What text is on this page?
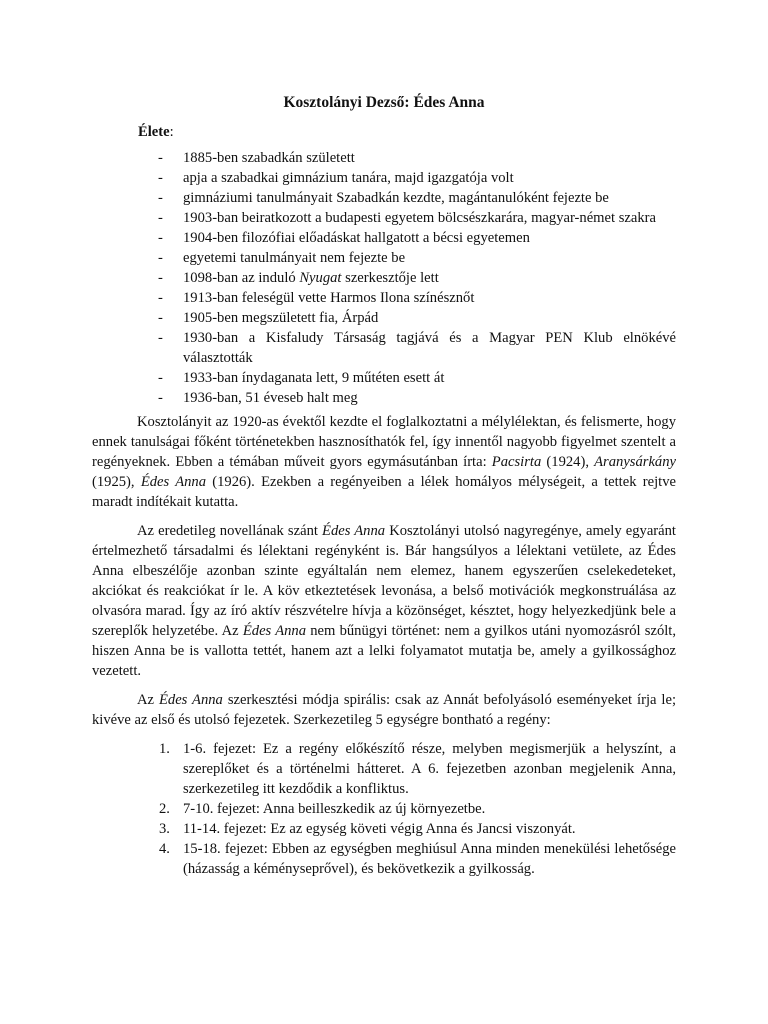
Kosztolányi Dezső: Édes Anna
Élete:
- 1885-ben szabadkán született
- apja a szabadkai gimnázium tanára, majd igazgatója volt
- gimnáziumi tanulmányait Szabadkán kezdte, magántanulóként fejezte be
- 1903-ban beiratkozott a budapesti egyetem bölcsészkarára, magyar-német szakra
- 1904-ben filozófiai előadáskat hallgatott a bécsi egyetemen
- egyetemi tanulmányait nem fejezte be
- 1098-ban az induló Nyugat szerkesztője lett
- 1913-ban feleségül vette Harmos Ilona színésznőt
- 1905-ben megszületett fia, Árpád
- 1930-ban a Kisfaludy Társaság tagjává és a Magyar PEN Klub elnökévé választották
- 1933-ban ínydaganata lett, 9 műtéten esett át
- 1936-ban, 51 éveseb halt meg

Kosztolányit az 1920-as évektől kezdte el foglalkoztatni a mélylélektan, és felismerte, hogy ennek tanulságai főként történetekben hasznosíthatók fel, így innentől nagyobb figyelmet szentelt a regényeknek. Ebben a témában műveit gyors egymásutánban írta: Pacsirta (1924), Aranysárkány (1925), Édes Anna (1926). Ezekben a regényeiben a lélek homályos mélységeit, a tettek rejtve maradt indítékait kutatta.

Az eredetileg novellának szánt Édes Anna Kosztolányi utolsó nagyregénye, amely egyaránt értelmezhető társadalmi és lélektani regényként is. Bár hangsúlyos a lélektani vetülete, az Édes Anna elbeszélője azonban szinte egyáltalán nem elemez, hanem egyszerűen cselekedeteket, akciókat és reakciókat ír le. A köv etkeztetések levonása, a belső motivációk megkonstruálása az olvasóra marad. Így az író aktív részvételre hívja a közönséget, késztet, hogy helyezkedjünk bele a szereplők helyzetébe. Az Édes Anna nem bűnügyi történet: nem a gyilkos utáni nyomozásról szólt, hiszen Anna be is vallotta tettét, hanem azt a lelki folyamatot mutatja be, amely a gyilkossághoz vezetett.

Az Édes Anna szerkesztési módja spirális: csak az Annát befolyásoló eseményeket írja le; kivéve az első és utolsó fejezetek. Szerkezetileg 5 egységre bontható a regény:

1. 1-6. fejezet: Ez a regény előkészítő része, melyben megismerjük a helyszínt, a szereplőket és a történelmi hátteret. A 6. fejezetben azonban megjelenik Anna, szerkezetileg itt kezdődik a konfliktus.
2. 7-10. fejezet: Anna beilleszkedik az új környezetbe.
3. 11-14. fejezet: Ez az egység követi végig Anna és Jancsi viszonyát.
4. 15-18. fejezet: Ebben az egységben meghiúsul Anna minden menekülési lehetősége (házasság a kéményseprővel), és bekövetkezik a gyilkosság.
